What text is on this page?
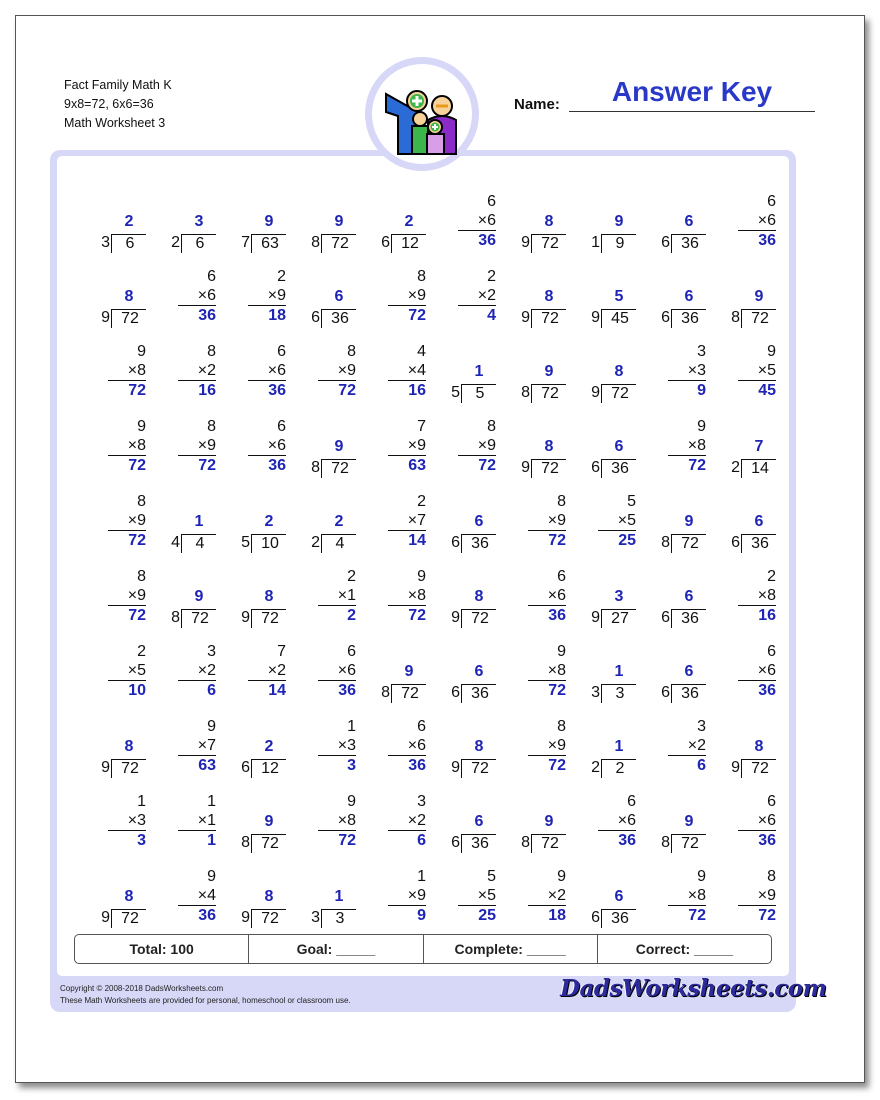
Fact Family Math K
9x8=72, 6x6=36
Math Worksheet 3
Name:	Answer Key
2
3 6
3
2 6
9
7 63
9
8 72
2
6 12
6
×6
36
8
9 72
9
1 9
6
6 36
6
×6
36
8
9 72
6
×6
36
2
×9
18
6
6 36
8
×9
72
2
×2
4
8
9 72
5
9 45
6
6 36
9
8 72
9
×8
72
8
×2
16
6
×6
36
8
×9
72
4
×4
16
1
5 5
9
8 72
8
9 72
3
×3
9
9
×5
45
9
×8
72
8
×9
72
6
×6
36
9
8 72
7
×9
63
8
×9
72
8
9 72
6
6 36
9
×8
72
7
2 14
8
×9
72
1
4 4
2
5 10
2
2 4
2
×7
14
6
6 36
8
×9
72
5
×5
25
9
8 72
6
6 36
8
×9
72
9
8 72
8
9 72
2
×1
2
9
×8
72
8
9 72
6
×6
36
3
9 27
6
6 36
2
×8
16
2
×5
10
3
×2
6
7
×2
14
6
×6
36
9
8 72
6
6 36
9
×8
72
1
3 3
6
6 36
6
×6
36
8
9 72
9
×7
63
2
6 12
1
×3
3
6
×6
36
8
9 72
8
×9
72
1
2 2
3
×2
6
8
9 72
1
×3
3
1
×1
1
9
8 72
9
×8
72
3
×2
6
6
6 36
9
8 72
6
×6
36
9
8 72
6
×6
36
8
9 72
9
×4
36
8
9 72
1
3 3
1
×9
9
5
×5
25
9
×2
18
6
6 36
9
×8
72
8
×9
72
Total: 100	Goal: _____	Complete: _____	Correct: _____
Copyright © 2008-2018 DadsWorksheets.com
These Math Worksheets are provided for personal, homeschool or classroom use.	DadsWorksheets.com
